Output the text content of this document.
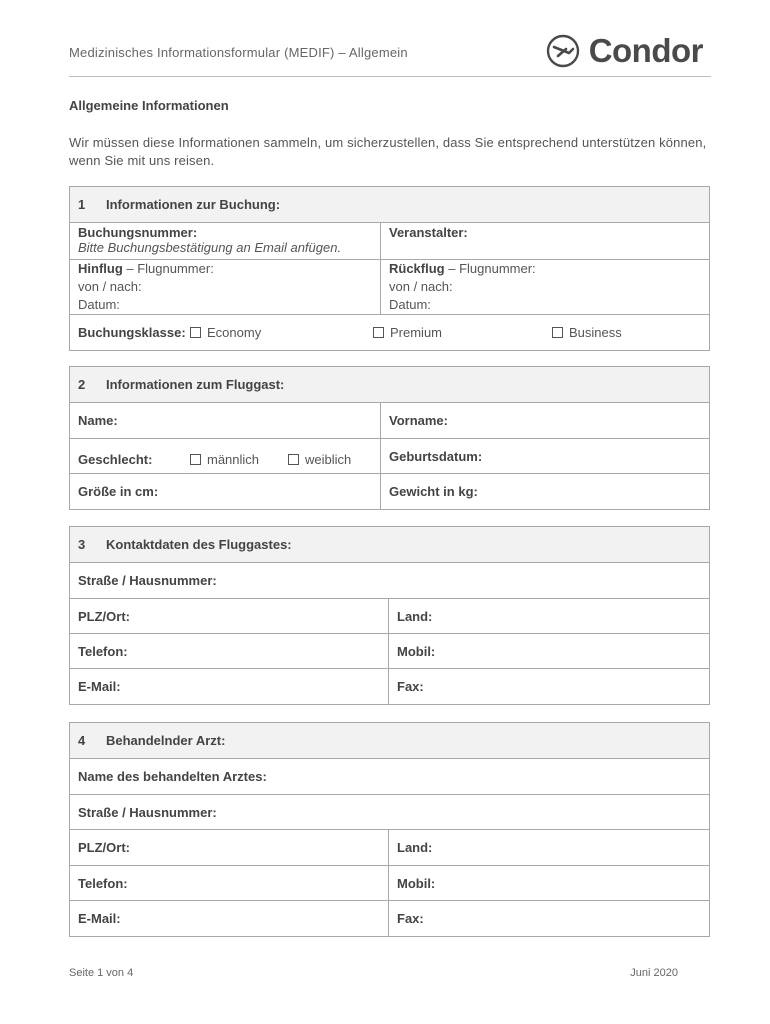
Medizinisches Informationsformular (MEDIF) – Allgemein	Condor
Allgemeine Informationen
Wir müssen diese Informationen sammeln, um sicherzustellen, dass Sie entsprechend unterstützen können, wenn Sie mit uns reisen.
1	Informationen zur Buchung:
Buchungsnummer:
Bitte Buchungsbestätigung an Email anfügen.
Veranstalter:
Hinflug – Flugnummer:
von / nach:
Datum:
Rückflug – Flugnummer:
von / nach:
Datum:
Buchungsklasse:	Economy	Premium	Business
2	Informationen zum Fluggast:
Name:	Vorname:
Geschlecht:	männlich	weiblich	Geburtsdatum:
Größe in cm:	Gewicht in kg:
3	Kontaktdaten des Fluggastes:
Straße / Hausnummer:
PLZ/Ort:	Land:
Telefon:	Mobil:
E-Mail:	Fax:
4	Behandelnder Arzt:
Name des behandelten Arztes:
Straße / Hausnummer:
PLZ/Ort:	Land:
Telefon:	Mobil:
E-Mail:	Fax:
Seite 1 von 4	Juni 2020
